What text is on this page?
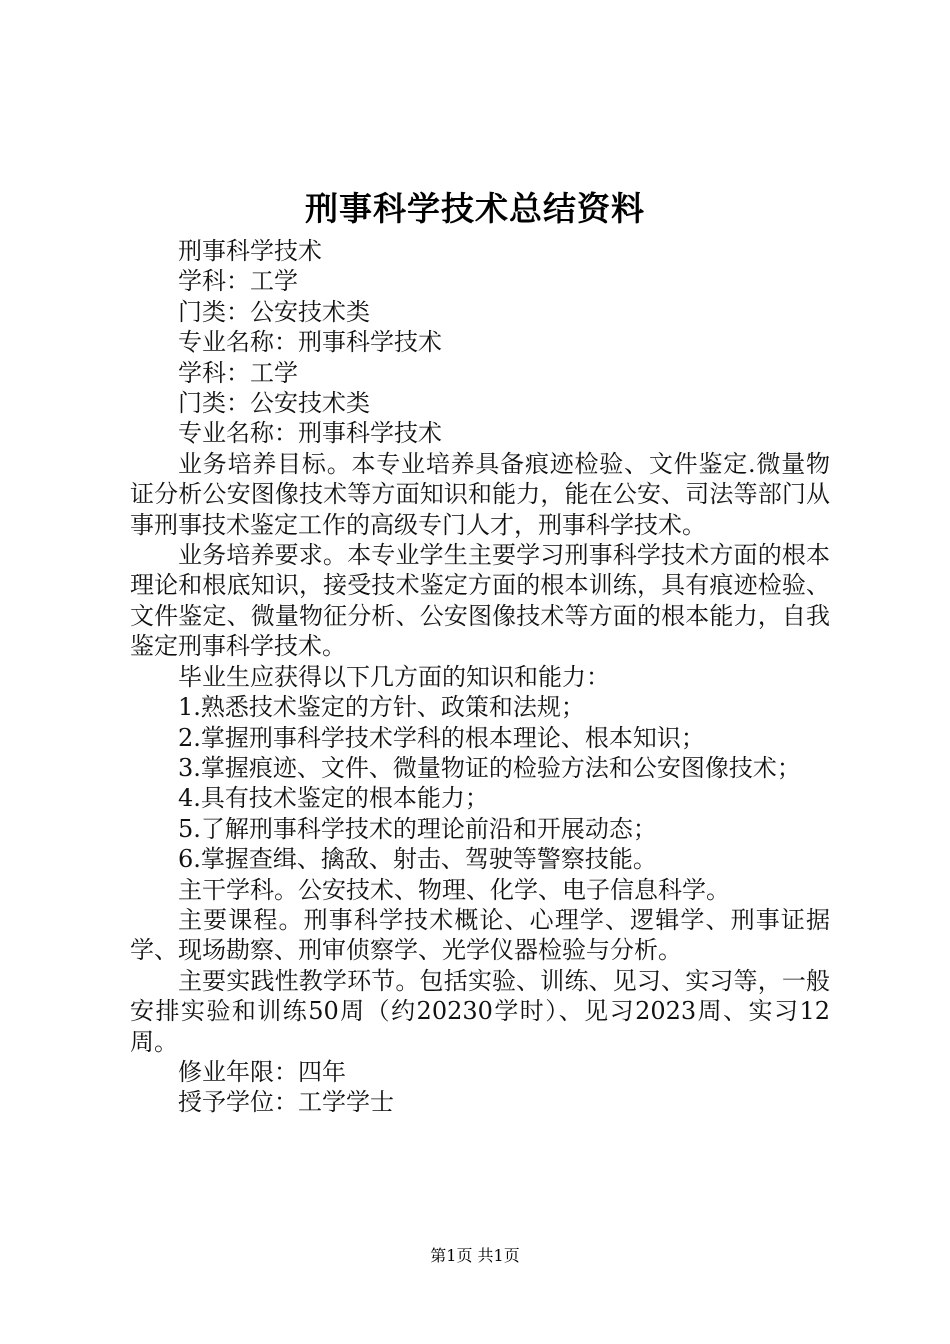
刑事科学技术总结资料

刑事科学技术

学科：工学

门类：公安技术类

专业名称：刑事科学技术

学科：工学

门类：公安技术类

专业名称：刑事科学技术

业务培养目标。本专业培养具备痕迹检验、文件鉴定.微量物证分析公安图像技术等方面知识和能力，能在公安、司法等部门从事刑事技术鉴定工作的高级专门人才，刑事科学技术。

业务培养要求。本专业学生主要学习刑事科学技术方面的根本理论和根底知识，接受技术鉴定方面的根本训练，具有痕迹检验、文件鉴定、微量物征分析、公安图像技术等方面的根本能力，自我鉴定刑事科学技术。

毕业生应获得以下几方面的知识和能力：

1.熟悉技术鉴定的方针、政策和法规；

2.掌握刑事科学技术学科的根本理论、根本知识；

3.掌握痕迹、文件、微量物证的检验方法和公安图像技术；

4.具有技术鉴定的根本能力；

5.了解刑事科学技术的理论前沿和开展动态；

6.掌握查缉、擒敌、射击、驾驶等警察技能。

主干学科。公安技术、物理、化学、电子信息科学。

主要课程。刑事科学技术概论、心理学、逻辑学、刑事证据学、现场勘察、刑审侦察学、光学仪器检验与分析。

主要实践性教学环节。包括实验、训练、见习、实习等，一般安排实验和训练50周（约20230学时）、见习2023周、实习12周。

修业年限：四年

授予学位：工学学士

第1页 共1页
